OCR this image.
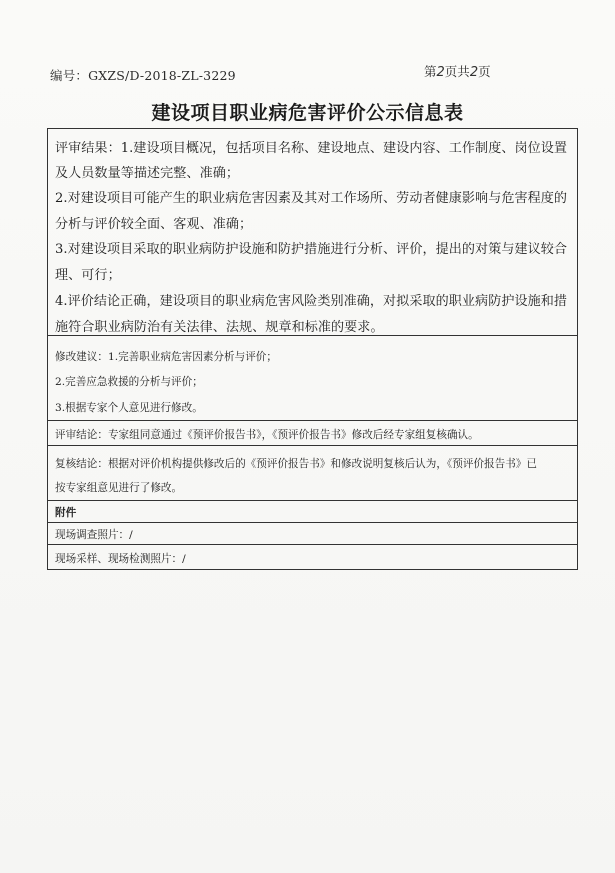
编号：GXZS/D-2018-ZL-3229	第2页共2页
建设项目职业病危害评价公示信息表
评审结果：1.建设项目概况，包括项目名称、建设地点、建设内容、工作制度、岗位设置
及人员数量等描述完整、准确；
2.对建设项目可能产生的职业病危害因素及其对工作场所、劳动者健康影响与危害程度的
分析与评价较全面、客观、准确；
3.对建设项目采取的职业病防护设施和防护措施进行分析、评价，提出的对策与建议较合
理、可行；
4.评价结论正确，建设项目的职业病危害风险类别准确，对拟采取的职业病防护设施和措
施符合职业病防治有关法律、法规、规章和标准的要求。
修改建议：1.完善职业病危害因素分析与评价；
2.完善应急救援的分析与评价；
3.根据专家个人意见进行修改。
评审结论：专家组同意通过《预评价报告书》，《预评价报告书》修改后经专家组复核确认。
复核结论：根据对评价机构提供修改后的《预评价报告书》和修改说明复核后认为，《预评价报告书》已
按专家组意见进行了修改。
附件
现场调查照片：/
现场采样、现场检测照片：/
